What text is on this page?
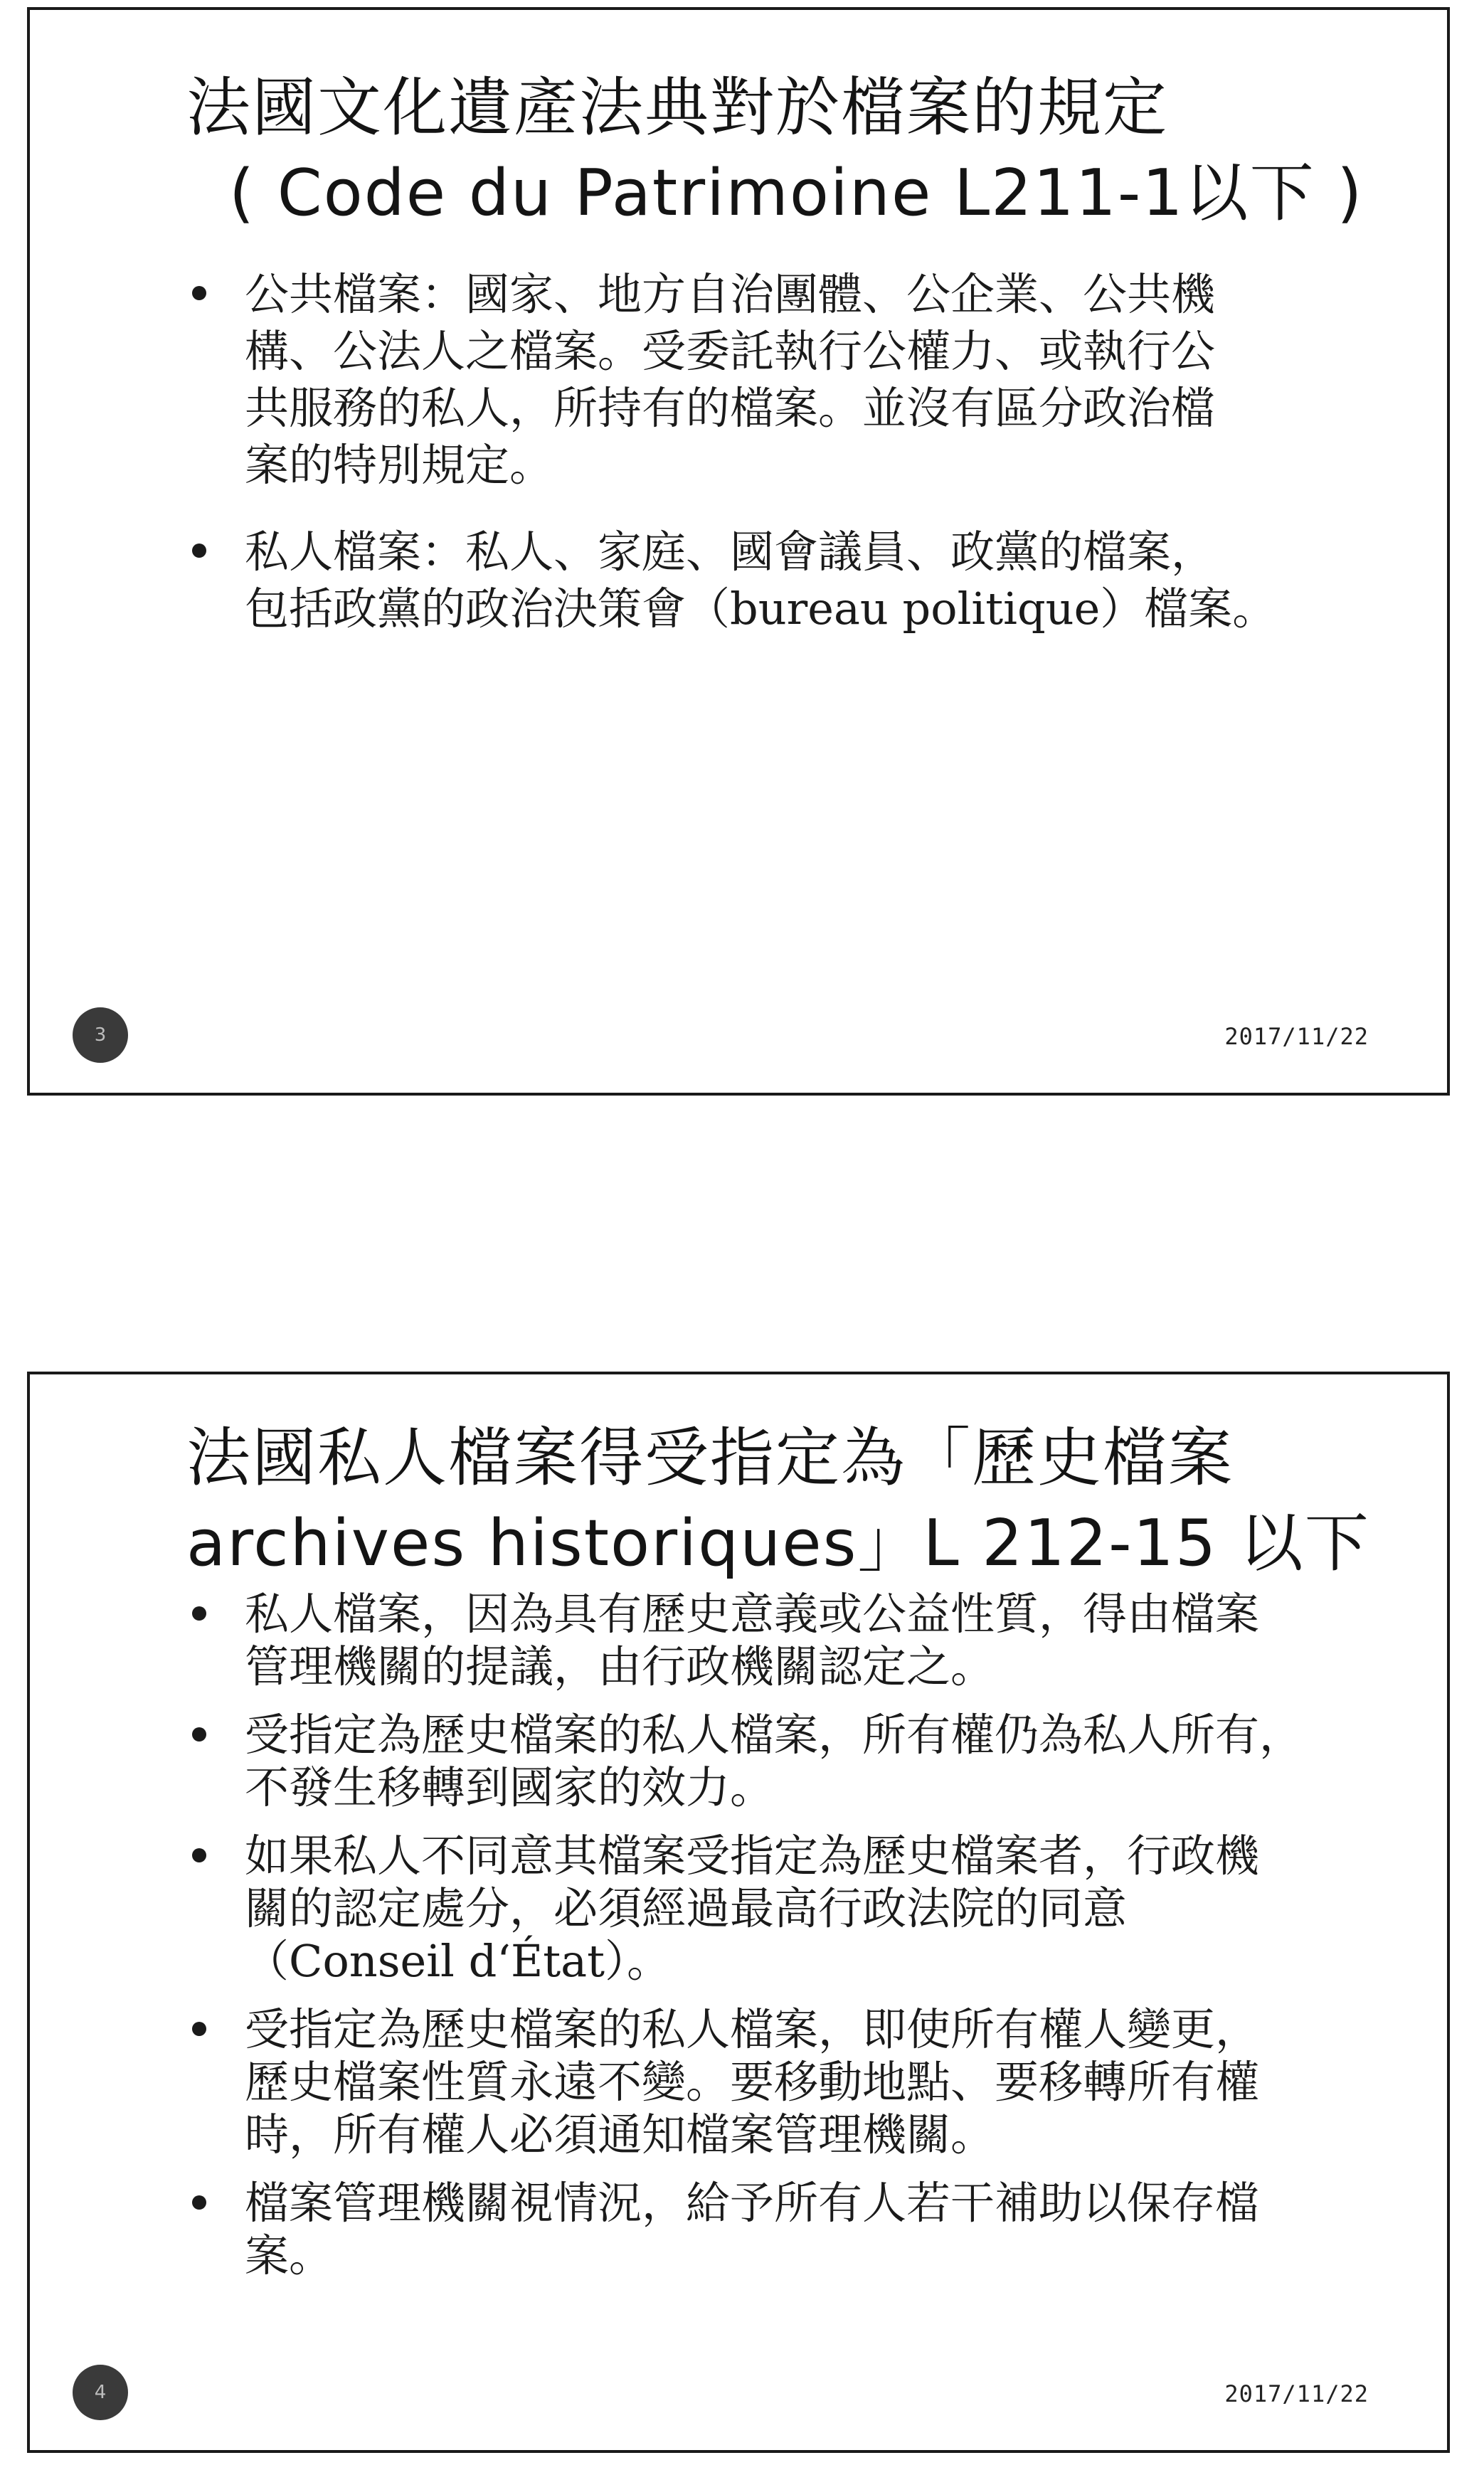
法國文化遺產法典對於檔案的規定
( Code du Patrimoine L211-1以下 )
公共檔案：國家、地方自治團體、公企業、公共機
構、公法人之檔案。受委託執行公權力、或執行公
共服務的私人，所持有的檔案。並沒有區分政治檔
案的特別規定。
私人檔案：私人、家庭、國會議員、政黨的檔案，
包括政黨的政治決策會（bureau politique）檔案。
3	2017/11/22
法國私人檔案得受指定為「歷史檔案
archives historiques」L 212-15 以下
私人檔案，因為具有歷史意義或公益性質，得由檔案
管理機關的提議，由行政機關認定之。
受指定為歷史檔案的私人檔案，所有權仍為私人所有，
不發生移轉到國家的效力。
如果私人不同意其檔案受指定為歷史檔案者，行政機
關的認定處分，必須經過最高行政法院的同意
（Conseil d‘État）。
受指定為歷史檔案的私人檔案，即使所有權人變更，
歷史檔案性質永遠不變。要移動地點、要移轉所有權
時，所有權人必須通知檔案管理機關。
檔案管理機關視情況，給予所有人若干補助以保存檔
案。
4	2017/11/22
